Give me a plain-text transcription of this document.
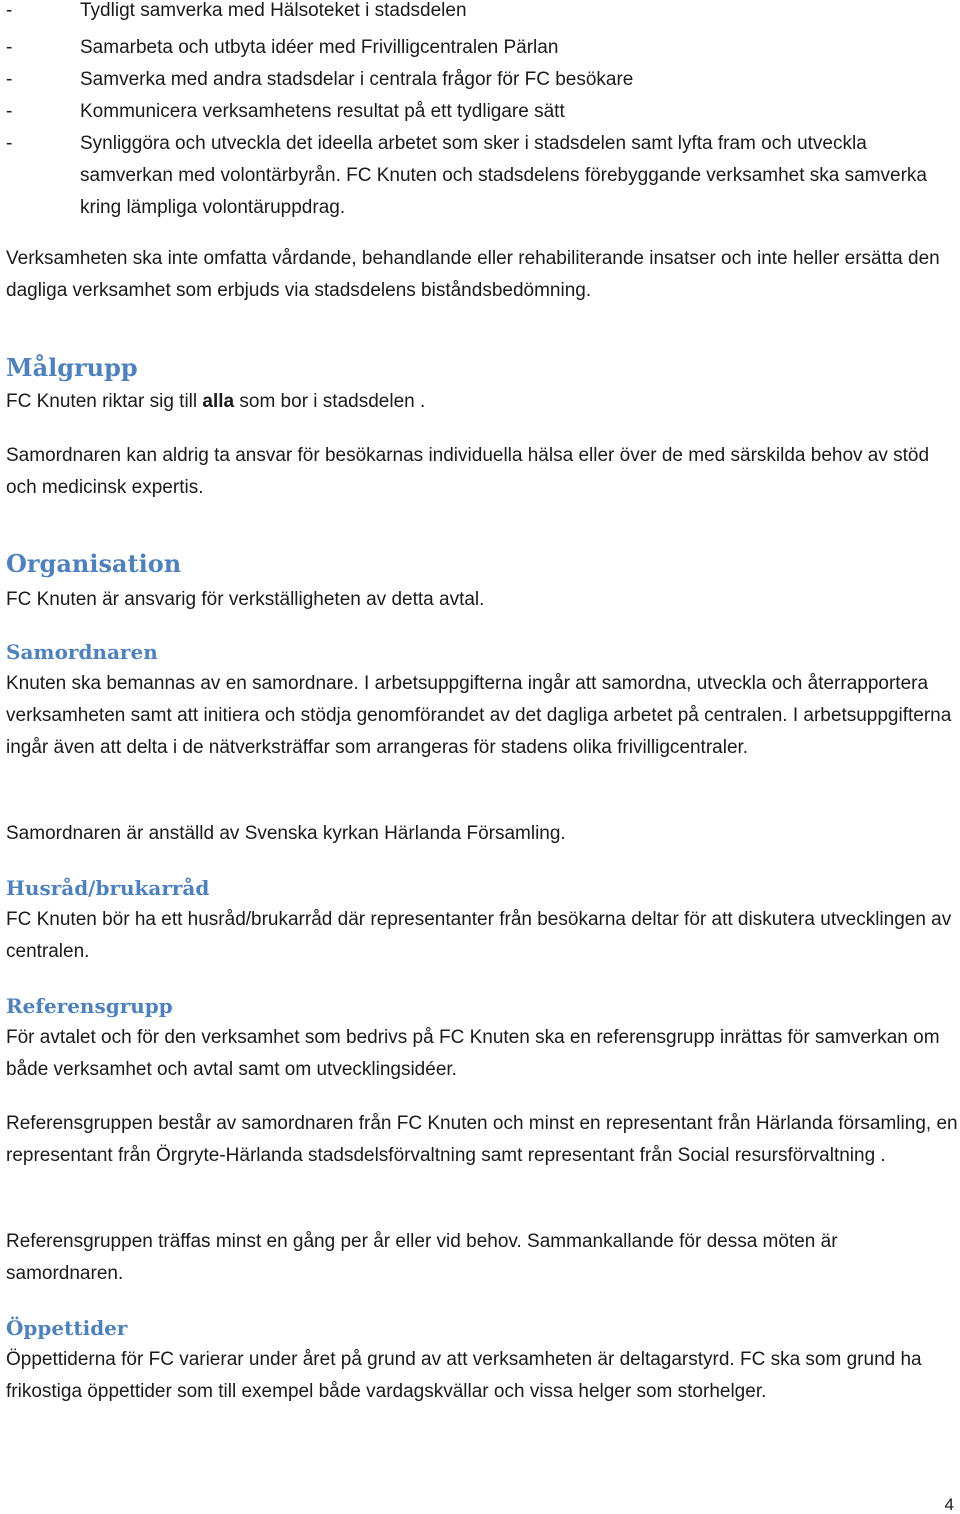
-	Tydligt samverka med Hälsoteket i stadsdelen
-	Samarbeta och utbyta idéer med Frivilligcentralen Pärlan
-	Samverka med andra stadsdelar i centrala frågor för FC besökare
-	Kommunicera verksamhetens resultat på ett tydligare sätt
-	Synliggöra och utveckla det ideella arbetet som sker i stadsdelen samt lyfta fram och utveckla samverkan med volontärbyrån. FC Knuten och stadsdelens förebyggande verksamhet ska samverka kring lämpliga volontäruppdrag.

Verksamheten ska inte omfatta vårdande, behandlande eller rehabiliterande insatser och inte heller ersätta den dagliga verksamhet som erbjuds via stadsdelens biståndsbedömning.

Målgrupp

FC Knuten riktar sig till alla som bor i stadsdelen .

Samordnaren kan aldrig ta ansvar för besökarnas individuella hälsa eller över de med särskilda behov av stöd och medicinsk expertis.

Organisation

FC Knuten är ansvarig för verkställigheten av detta avtal.

Samordnaren

Knuten ska bemannas av en samordnare. I arbetsuppgifterna ingår att samordna, utveckla och återrapportera verksamheten samt att initiera och stödja genomförandet av det dagliga arbetet på centralen. I arbetsuppgifterna ingår även att delta i de nätverksträffar som arrangeras för stadens olika frivilligcentraler.

Samordnaren är anställd av Svenska kyrkan Härlanda Församling.

Husråd/brukarråd

FC Knuten bör ha ett husråd/brukarråd där representanter från besökarna deltar för att diskutera utvecklingen av centralen.

Referensgrupp

För avtalet och för den verksamhet som bedrivs på FC Knuten ska en referensgrupp inrättas för samverkan om både verksamhet och avtal samt om utvecklingsidéer.

Referensgruppen består av samordnaren från FC Knuten och minst en representant från Härlanda församling, en representant från Örgryte-Härlanda stadsdelsförvaltning samt representant från Social resursförvaltning .

Referensgruppen träffas minst en gång per år eller vid behov. Sammankallande för dessa möten är samordnaren.

Öppettider

Öppettiderna för FC varierar under året på grund av att verksamheten är deltagarstyrd. FC ska som grund ha frikostiga öppettider som till exempel både vardagskvällar och vissa helger som storhelger.

4
